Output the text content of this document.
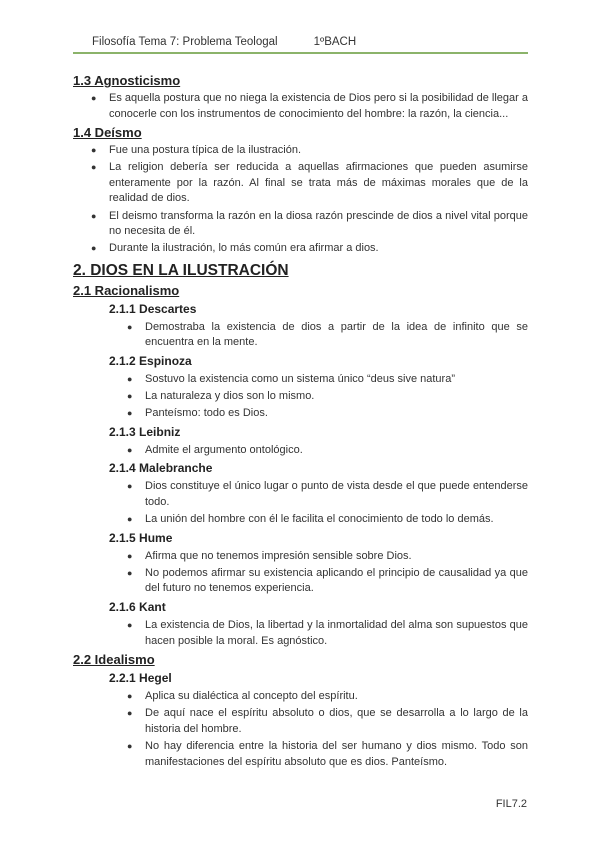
Filosofía Tema 7: Problema Teologal	1ºBACH
1.3 Agnosticismo
● Es aquella postura que no niega la existencia de Dios pero si la posibilidad de llegar a conocerle con los instrumentos de conocimiento del hombre: la razón, la ciencia...
1.4 Deísmo
● Fue una postura típica de la ilustración.
● La religion debería ser reducida a aquellas afirmaciones que pueden asumirse enteramente por la razón. Al final se trata más de máximas morales que de la realidad de dios.
● El deismo transforma la razón en la diosa razón prescinde de dios a nivel vital porque no necesita de él.
● Durante la ilustración, lo más común era afirmar a dios.
2. DIOS EN LA ILUSTRACIÓN
2.1 Racionalismo
2.1.1 Descartes
● Demostraba la existencia de dios a partir de la idea de infinito que se encuentra en la mente.
2.1.2 Espinoza
● Sostuvo la existencia como un sistema único “deus sive natura”
● La naturaleza y dios son lo mismo.
● Panteísmo: todo es Dios.
2.1.3 Leibniz
● Admite el argumento ontológico.
2.1.4 Malebranche
● Dios constituye el único lugar o punto de vista desde el que puede entenderse todo.
● La unión del hombre con él le facilita el conocimiento de todo lo demás.
2.1.5 Hume
● Afirma que no tenemos impresión sensible sobre Dios.
● No podemos afirmar su existencia aplicando el principio de causalidad ya que del futuro no tenemos experiencia.
2.1.6 Kant
● La existencia de Dios, la libertad y la inmortalidad del alma son supuestos que hacen posible la moral. Es agnóstico.
2.2 Idealismo
2.2.1 Hegel
● Aplica su dialéctica al concepto del espíritu.
● De aquí nace el espíritu absoluto o dios, que se desarrolla a lo largo de la historia del hombre.
● No hay diferencia entre la historia del ser humano y dios mismo. Todo son manifestaciones del espíritu absoluto que es dios. Panteísmo.
FIL7.2
